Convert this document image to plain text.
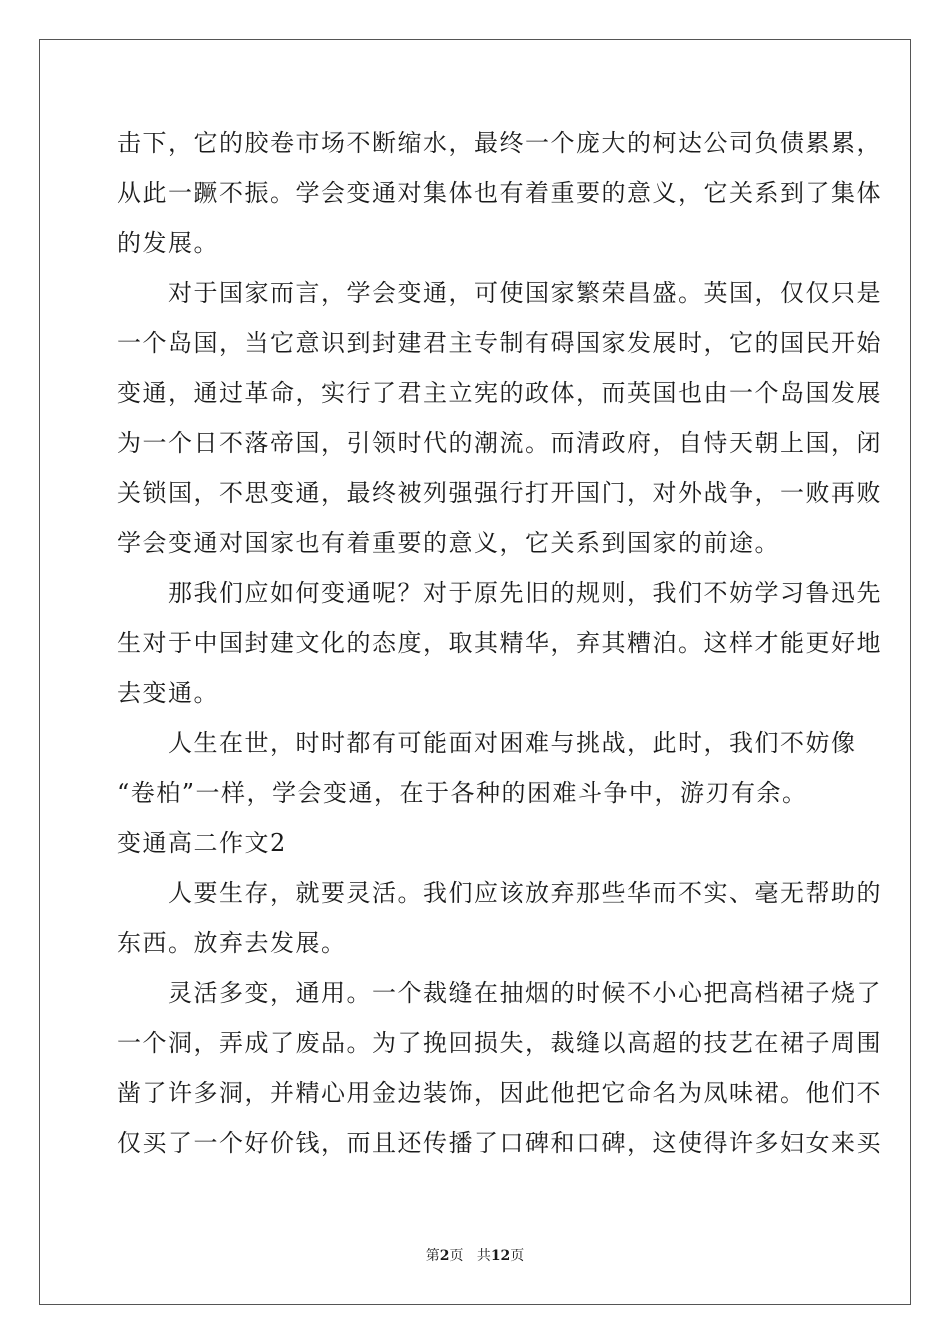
击下，它的胶卷市场不断缩水，最终一个庞大的柯达公司负债累累，
从此一蹶不振。学会变通对集体也有着重要的意义，它关系到了集体
的发展。
　　对于国家而言，学会变通，可使国家繁荣昌盛。英国，仅仅只是
一个岛国，当它意识到封建君主专制有碍国家发展时，它的国民开始
变通，通过革命，实行了君主立宪的政体，而英国也由一个岛国发展
为一个日不落帝国，引领时代的潮流。而清政府，自恃天朝上国，闭
关锁国，不思变通，最终被列强强行打开国门，对外战争，一败再败
学会变通对国家也有着重要的意义，它关系到国家的前途。
　　那我们应如何变通呢？对于原先旧的规则，我们不妨学习鲁迅先
生对于中国封建文化的态度，取其精华，弃其糟泊。这样才能更好地
去变通。
　　人生在世，时时都有可能面对困难与挑战，此时，我们不妨像
“卷柏”一样，学会变通，在于各种的困难斗争中，游刃有余。
变通高二作文2
　　人要生存，就要灵活。我们应该放弃那些华而不实、毫无帮助的
东西。放弃去发展。
　　灵活多变，通用。一个裁缝在抽烟的时候不小心把高档裙子烧了
一个洞，弄成了废品。为了挽回损失，裁缝以高超的技艺在裙子周围
凿了许多洞，并精心用金边装饰，因此他把它命名为凤味裙。他们不
仅买了一个好价钱，而且还传播了口碑和口碑，这使得许多妇女来买
第2页 共12页
